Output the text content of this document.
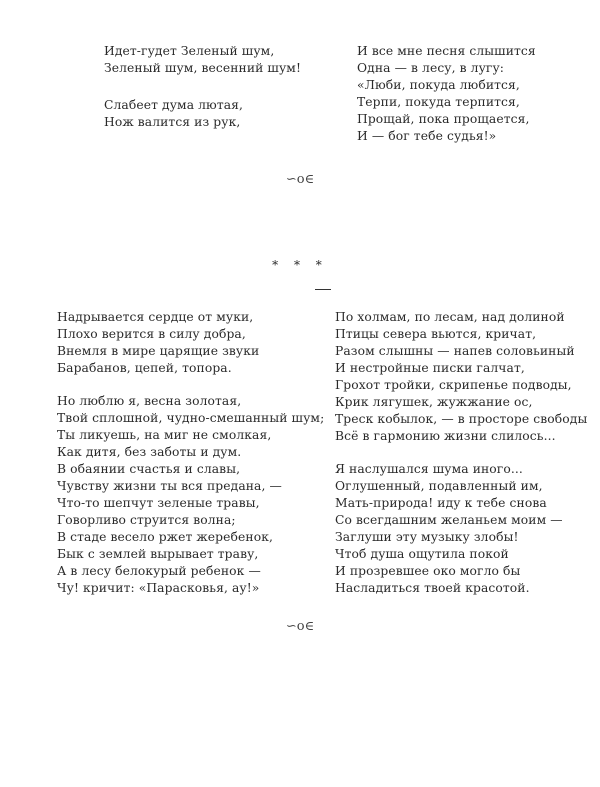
Идет-гудет Зеленый шум,
Зеленый шум, весенний шум!
Слабеет дума лютая,
Нож валится из рук,
И все мне песня слышится
Одна — в лесу, в лугу:
«Люби, покуда любится,
Терпи, покуда терпится,
Прощай, пока прощается,
И — бог тебе судья!»
∽o∈
* * *
Надрывается сердце от муки,
Плохо верится в силу добра,
Внемля в мире царящие звуки
Барабанов, цепей, топора.
Но люблю я, весна золотая,
Твой сплошной, чудно-смешанный шум;
Ты ликуешь, на миг не смолкая,
Как дитя, без заботы и дум.
В обаянии счастья и славы,
Чувству жизни ты вся предана, —
Что-то шепчут зеленые травы,
Говорливо струится волна;
В стаде весело ржет жеребенок,
Бык с землей вырывает траву,
А в лесу белокурый ребенок —
Чу! кричит: «Парасковья, ау!»
По холмам, по лесам, над долиной
Птицы севера вьются, кричат,
Разом слышны — напев соловьиный
И нестройные писки галчат,
Грохот тройки, скрипенье подводы,
Крик лягушек, жужжание ос,
Треск кобылок, — в просторе свободы
Всё в гармонию жизни слилось...
Я наслушался шума иного...
Оглушенный, подавленный им,
Мать-природа! иду к тебе снова
Со всегдашним желаньем моим —
Заглуши эту музыку злобы!
Чтоб душа ощутила покой
И прозревшее око могло бы
Насладиться твоей красотой.
∽o∈
